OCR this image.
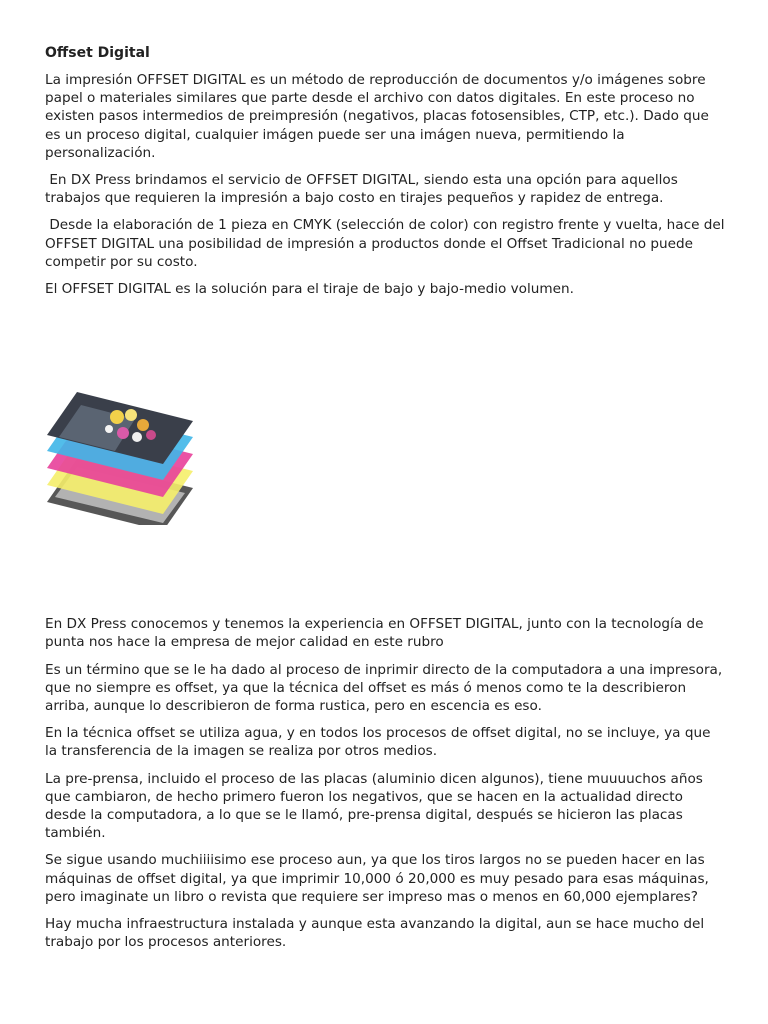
Offset Digital

La impresión OFFSET DIGITAL es un método de reproducción de documentos y/o imágenes sobre papel o materiales similares que parte desde el archivo con datos digitales. En este proceso no existen pasos intermedios de preimpresión (negativos, placas fotosensibles, CTP, etc.). Dado que es un proceso digital, cualquier imágen puede ser una imágen nueva, permitiendo la personalización.

En DX Press brindamos el servicio de OFFSET DIGITAL, siendo esta una opción para aquellos trabajos que requieren la impresión a bajo costo en tirajes pequeños y rapidez de entrega.

Desde la elaboración de 1 pieza en CMYK (selección de color) con registro frente y vuelta, hace del OFFSET DIGITAL una posibilidad de impresión a productos donde el Offset Tradicional no puede competir por su costo.

El OFFSET DIGITAL es la solución para el tiraje de bajo y bajo-medio volumen.

En DX Press conocemos y tenemos la experiencia en OFFSET DIGITAL, junto con la tecnología de punta nos hace la empresa de mejor calidad en este rubro

Es un término que se le ha dado al proceso de inprimir directo de la computadora a una impresora, que no siempre es offset, ya que la técnica del offset es más ó menos como te la describieron arriba, aunque lo describieron de forma rustica, pero en escencia es eso.

En la técnica offset se utiliza agua, y en todos los procesos de offset digital, no se incluye, ya que la transferencia de la imagen se realiza por otros medios.

La pre-prensa, incluido el proceso de las placas (aluminio dicen algunos), tiene muuuuchos años que cambiaron, de hecho primero fueron los negativos, que se hacen en la actualidad directo desde la computadora, a lo que se le llamó, pre-prensa digital, después se hicieron las placas también.

Se sigue usando muchiiiisimo ese proceso aun, ya que los tiros largos no se pueden hacer en las máquinas de offset digital, ya que imprimir 10,000 ó 20,000 es muy pesado para esas máquinas, pero imaginate un libro o revista que requiere ser impreso mas o menos en 60,000 ejemplares?

Hay mucha infraestructura instalada y aunque esta avanzando la digital, aun se hace mucho del trabajo por los procesos anteriores.
